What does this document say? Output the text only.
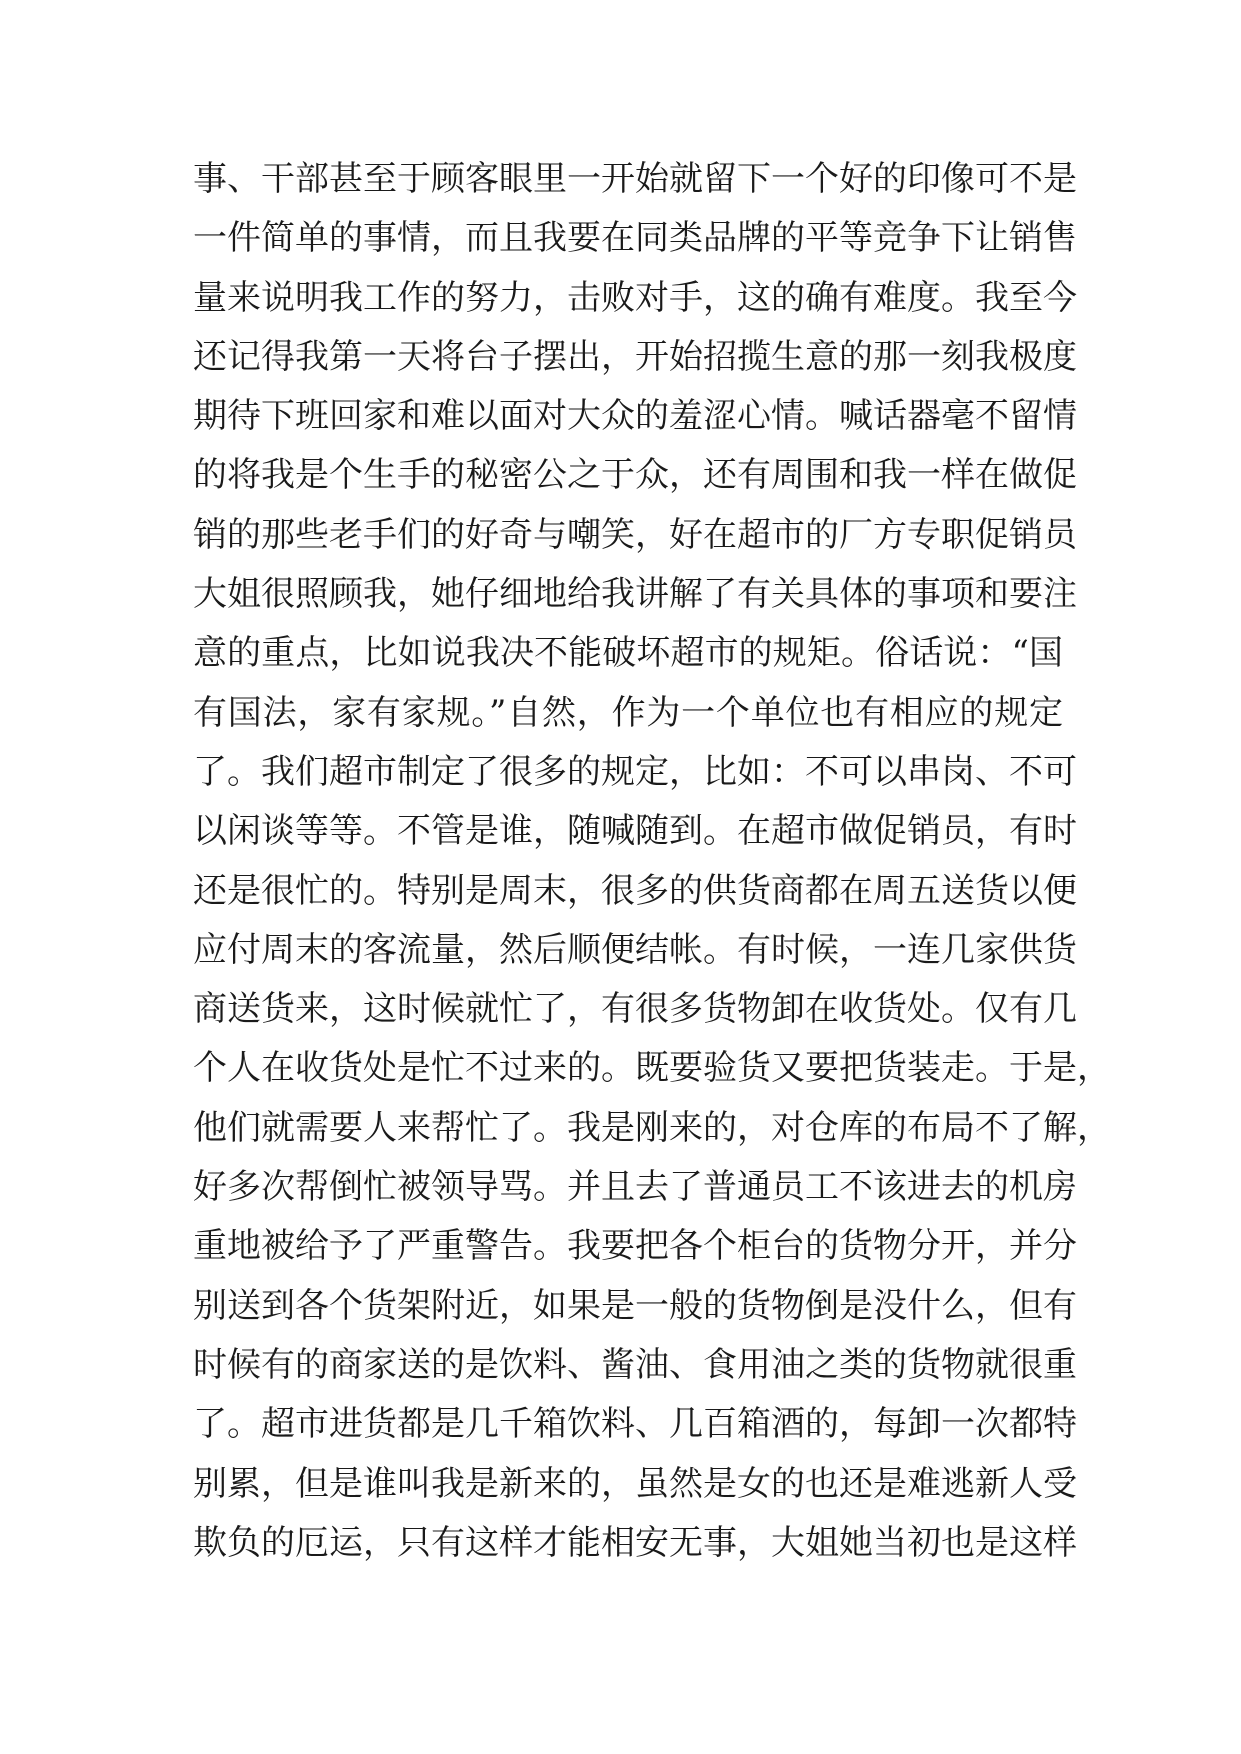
事、干部甚至于顾客眼里一开始就留下一个好的印像可不是
一件简单的事情，而且我要在同类品牌的平等竞争下让销售
量来说明我工作的努力，击败对手，这的确有难度。我至今
还记得我第一天将台子摆出，开始招揽生意的那一刻我极度
期待下班回家和难以面对大众的羞涩心情。喊话器毫不留情
的将我是个生手的秘密公之于众，还有周围和我一样在做促
销的那些老手们的好奇与嘲笑，好在超市的厂方专职促销员
大姐很照顾我，她仔细地给我讲解了有关具体的事项和要注
意的重点，比如说我决不能破坏超市的规矩。俗话说：“国
有国法，家有家规。”自然，作为一个单位也有相应的规定
了。我们超市制定了很多的规定，比如：不可以串岗、不可
以闲谈等等。不管是谁，随喊随到。在超市做促销员，有时
还是很忙的。特别是周末，很多的供货商都在周五送货以便
应付周末的客流量，然后顺便结帐。有时候，一连几家供货
商送货来，这时候就忙了，有很多货物卸在收货处。仅有几
个人在收货处是忙不过来的。既要验货又要把货装走。于是，
他们就需要人来帮忙了。我是刚来的，对仓库的布局不了解，
好多次帮倒忙被领导骂。并且去了普通员工不该进去的机房
重地被给予了严重警告。我要把各个柜台的货物分开，并分
别送到各个货架附近，如果是一般的货物倒是没什么，但有
时候有的商家送的是饮料、酱油、食用油之类的货物就很重
了。超市进货都是几千箱饮料、几百箱酒的，每卸一次都特
别累，但是谁叫我是新来的，虽然是女的也还是难逃新人受
欺负的厄运，只有这样才能相安无事，大姐她当初也是这样
